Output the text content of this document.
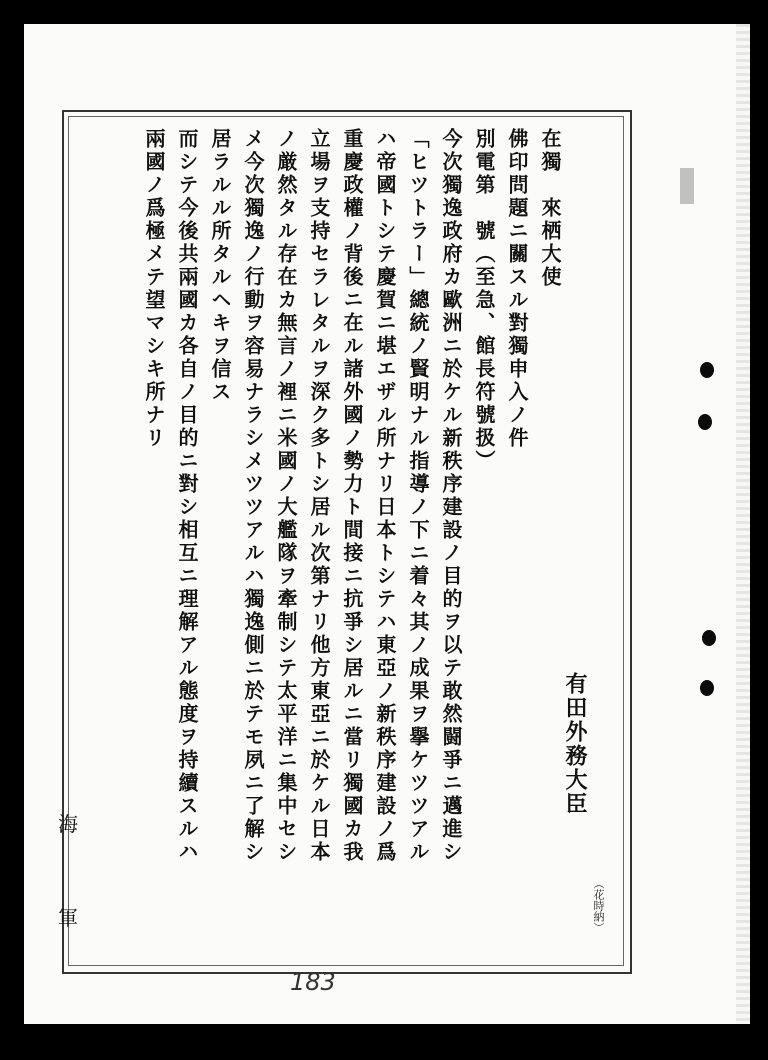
在獨　來栖大使

佛印問題ニ關スル對獨申入ノ件

別電第　號（至急、館長符號扱）

今次獨逸政府カ歐洲ニ於ケル新秩序建設ノ目的ヲ以テ敢然闘爭ニ邁進シ

「ヒツトラー」總統ノ賢明ナル指導ノ下ニ着々其ノ成果ヲ擧ケツツアル

ハ帝國トシテ慶賀ニ堪エザル所ナリ日本トシテハ東亞ノ新秩序建設ノ爲

重慶政權ノ背後ニ在ル諸外國ノ勢力ト間接ニ抗爭シ居ルニ當リ獨國カ我

立場ヲ支持セラレタルヲ深ク多トシ居ル次第ナリ他方東亞ニ於ケル日本

ノ厳然タル存在カ無言ノ裡ニ米國ノ大艦隊ヲ牽制シテ太平洋ニ集中セシ

メ今次獨逸ノ行動ヲ容易ナラシメツツアルハ獨逸側ニ於テモ夙ニ了解シ

居ラルル所タルヘキヲ信ス

而シテ今後共兩國カ各自ノ目的ニ對シ相互ニ理解アル態度ヲ持續スルハ

兩國ノ爲極メテ望マシキ所ナリ

有田外務大臣
（花時納）
海
軍
183
